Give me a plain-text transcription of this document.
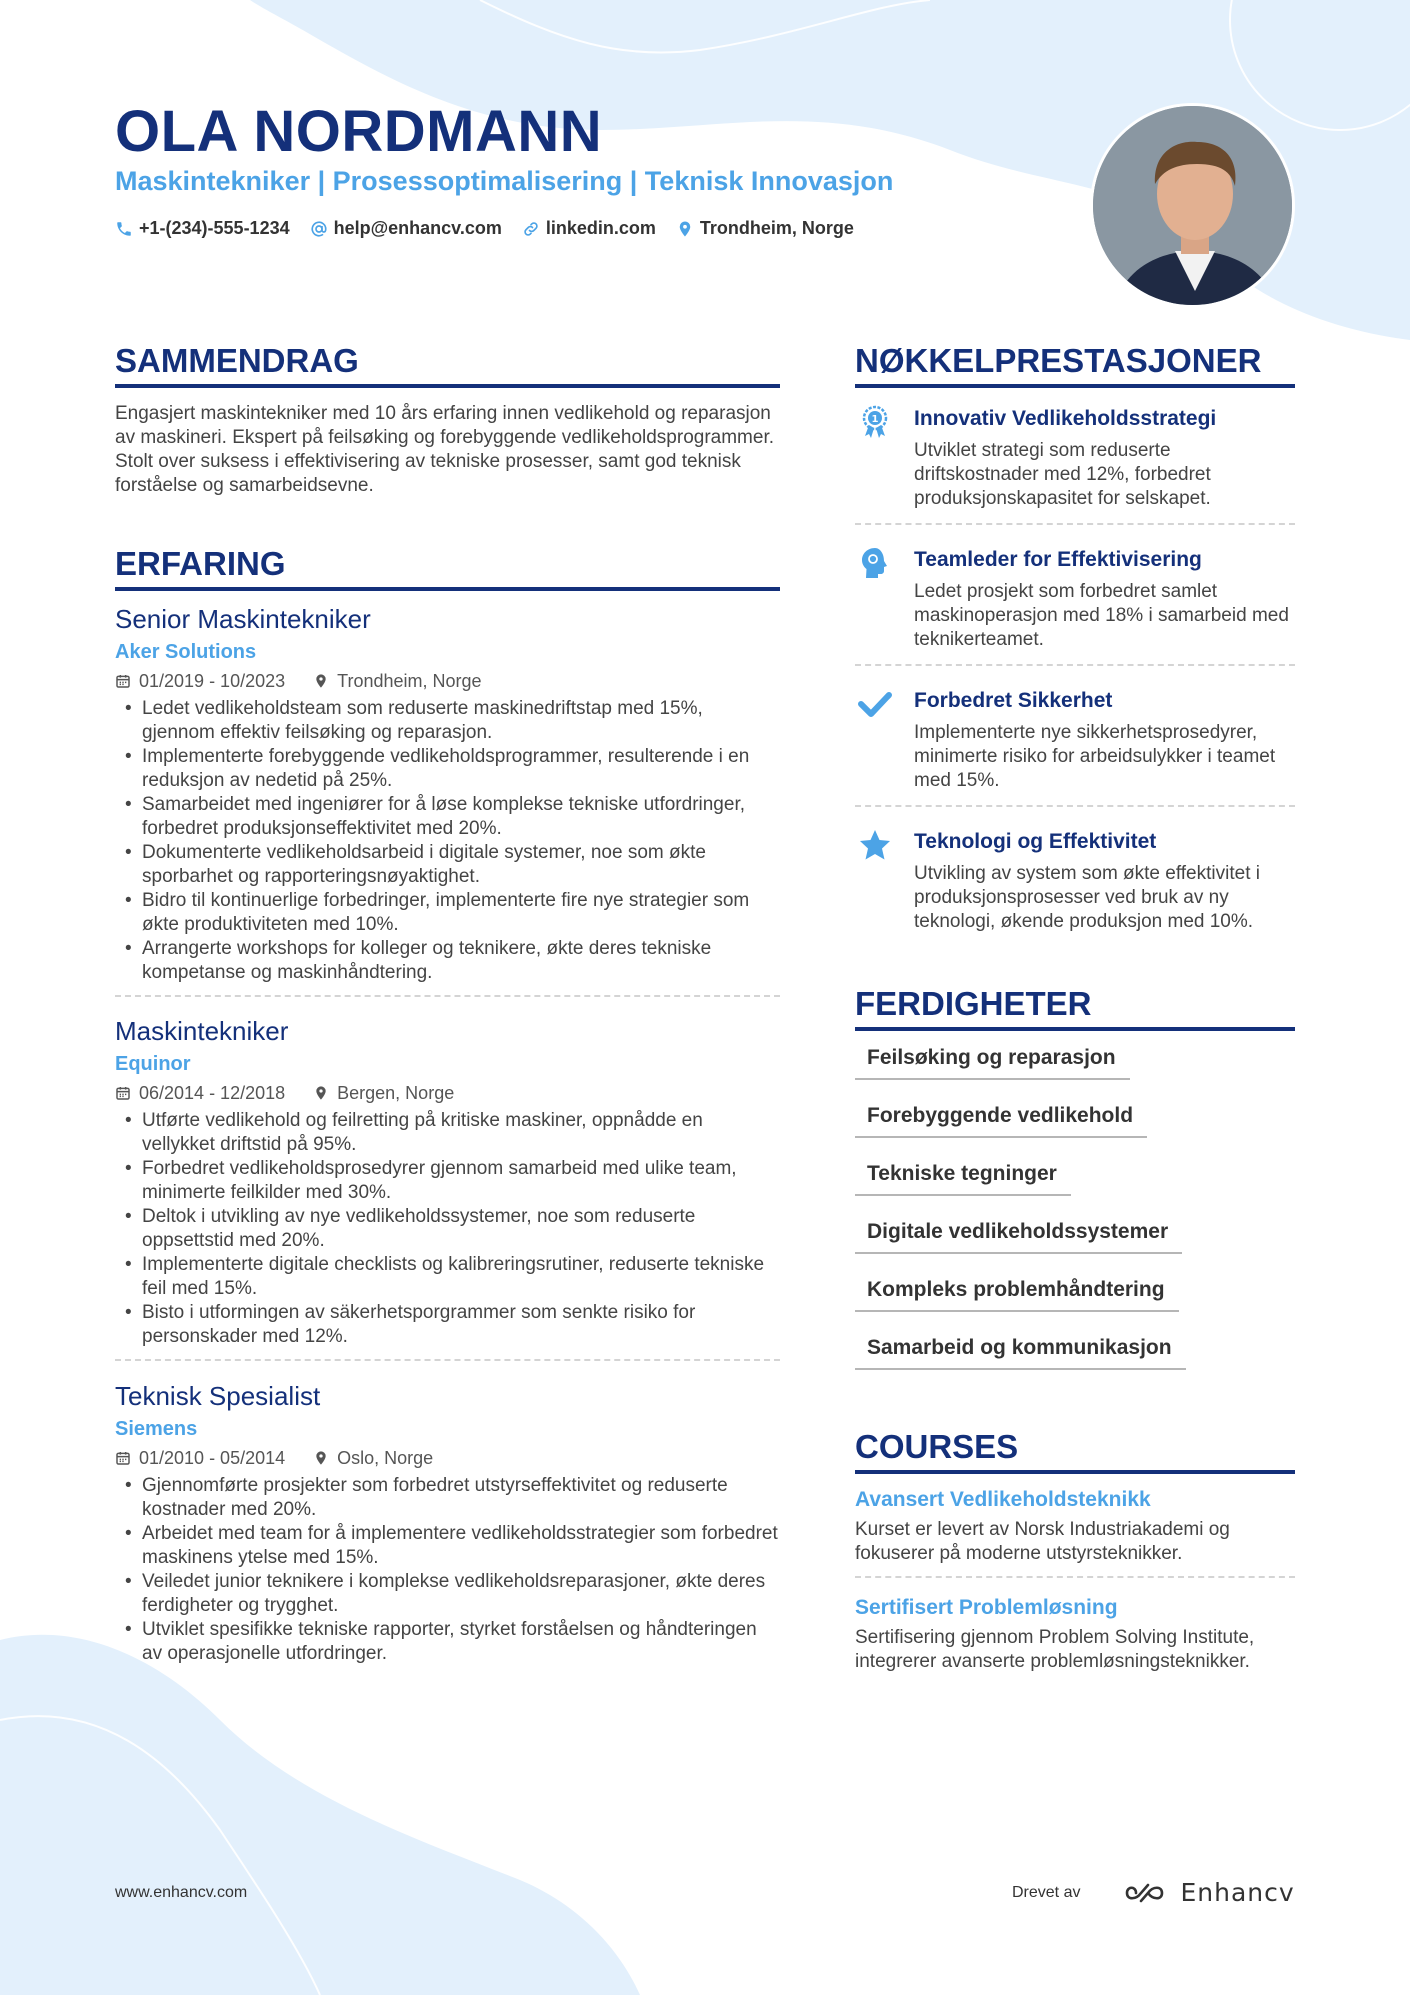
OLA NORDMANN
Maskintekniker | Prosessoptimalisering | Teknisk Innovasjon
+1-(234)-555-1234 help@enhancv.com linkedin.com Trondheim, Norge
SAMMENDRAG
Engasjert maskintekniker med 10 års erfaring innen vedlikehold og reparasjon av maskineri. Ekspert på feilsøking og forebyggende vedlikeholdsprogrammer. Stolt over suksess i effektivisering av tekniske prosesser, samt god teknisk forståelse og samarbeidsevne.
ERFARING
Senior Maskintekniker
Aker Solutions
01/2019 - 10/2023	Trondheim, Norge
• Ledet vedlikeholdsteam som reduserte maskinedriftstap med 15%, gjennom effektiv feilsøking og reparasjon.
• Implementerte forebyggende vedlikeholdsprogrammer, resulterende i en reduksjon av nedetid på 25%.
• Samarbeidet med ingeniører for å løse komplekse tekniske utfordringer, forbedret produksjonseffektivitet med 20%.
• Dokumenterte vedlikeholdsarbeid i digitale systemer, noe som økte sporbarhet og rapporteringsnøyaktighet.
• Bidro til kontinuerlige forbedringer, implementerte fire nye strategier som økte produktiviteten med 10%.
• Arrangerte workshops for kolleger og teknikere, økte deres tekniske kompetanse og maskinhåndtering.
Maskintekniker
Equinor
06/2014 - 12/2018	Bergen, Norge
• Utførte vedlikehold og feilretting på kritiske maskiner, oppnådde en vellykket driftstid på 95%.
• Forbedret vedlikeholdsprosedyrer gjennom samarbeid med ulike team, minimerte feilkilder med 30%.
• Deltok i utvikling av nye vedlikeholdssystemer, noe som reduserte oppsettstid med 20%.
• Implementerte digitale checklists og kalibreringsrutiner, reduserte tekniske feil med 15%.
• Bisto i utformingen av säkerhetsporgrammer som senkte risiko for personskader med 12%.
Teknisk Spesialist
Siemens
01/2010 - 05/2014	Oslo, Norge
• Gjennomførte prosjekter som forbedret utstyrseffektivitet og reduserte kostnader med 20%.
• Arbeidet med team for å implementere vedlikeholdsstrategier som forbedret maskinens ytelse med 15%.
• Veiledet junior teknikere i komplekse vedlikeholdsreparasjoner, økte deres ferdigheter og trygghet.
• Utviklet spesifikke tekniske rapporter, styrket forståelsen og håndteringen av operasjonelle utfordringer.
NØKKELPRESTASJONER
1 Innovativ Vedlikeholdsstrategi
Utviklet strategi som reduserte driftskostnader med 12%, forbedret produksjonskapasitet for selskapet.
Teamleder for Effektivisering
Ledet prosjekt som forbedret samlet maskinoperasjon med 18% i samarbeid med teknikerteamet.
Forbedret Sikkerhet
Implementerte nye sikkerhetsprosedyrer, minimerte risiko for arbeidsulykker i teamet med 15%.
Teknologi og Effektivitet
Utvikling av system som økte effektivitet i produksjonsprosesser ved bruk av ny teknologi, økende produksjon med 10%.
FERDIGHETER
Feilsøking og reparasjon
Forebyggende vedlikehold
Tekniske tegninger
Digitale vedlikeholdssystemer
Kompleks problemhåndtering
Samarbeid og kommunikasjon
COURSES
Avansert Vedlikeholdsteknikk
Kurset er levert av Norsk Industriakademi og fokuserer på moderne utstyrsteknikker.
Sertifisert Problemløsning
Sertifisering gjennom Problem Solving Institute, integrerer avanserte problemløsningsteknikker.
www.enhancv.com	Drevet av	Enhancv
